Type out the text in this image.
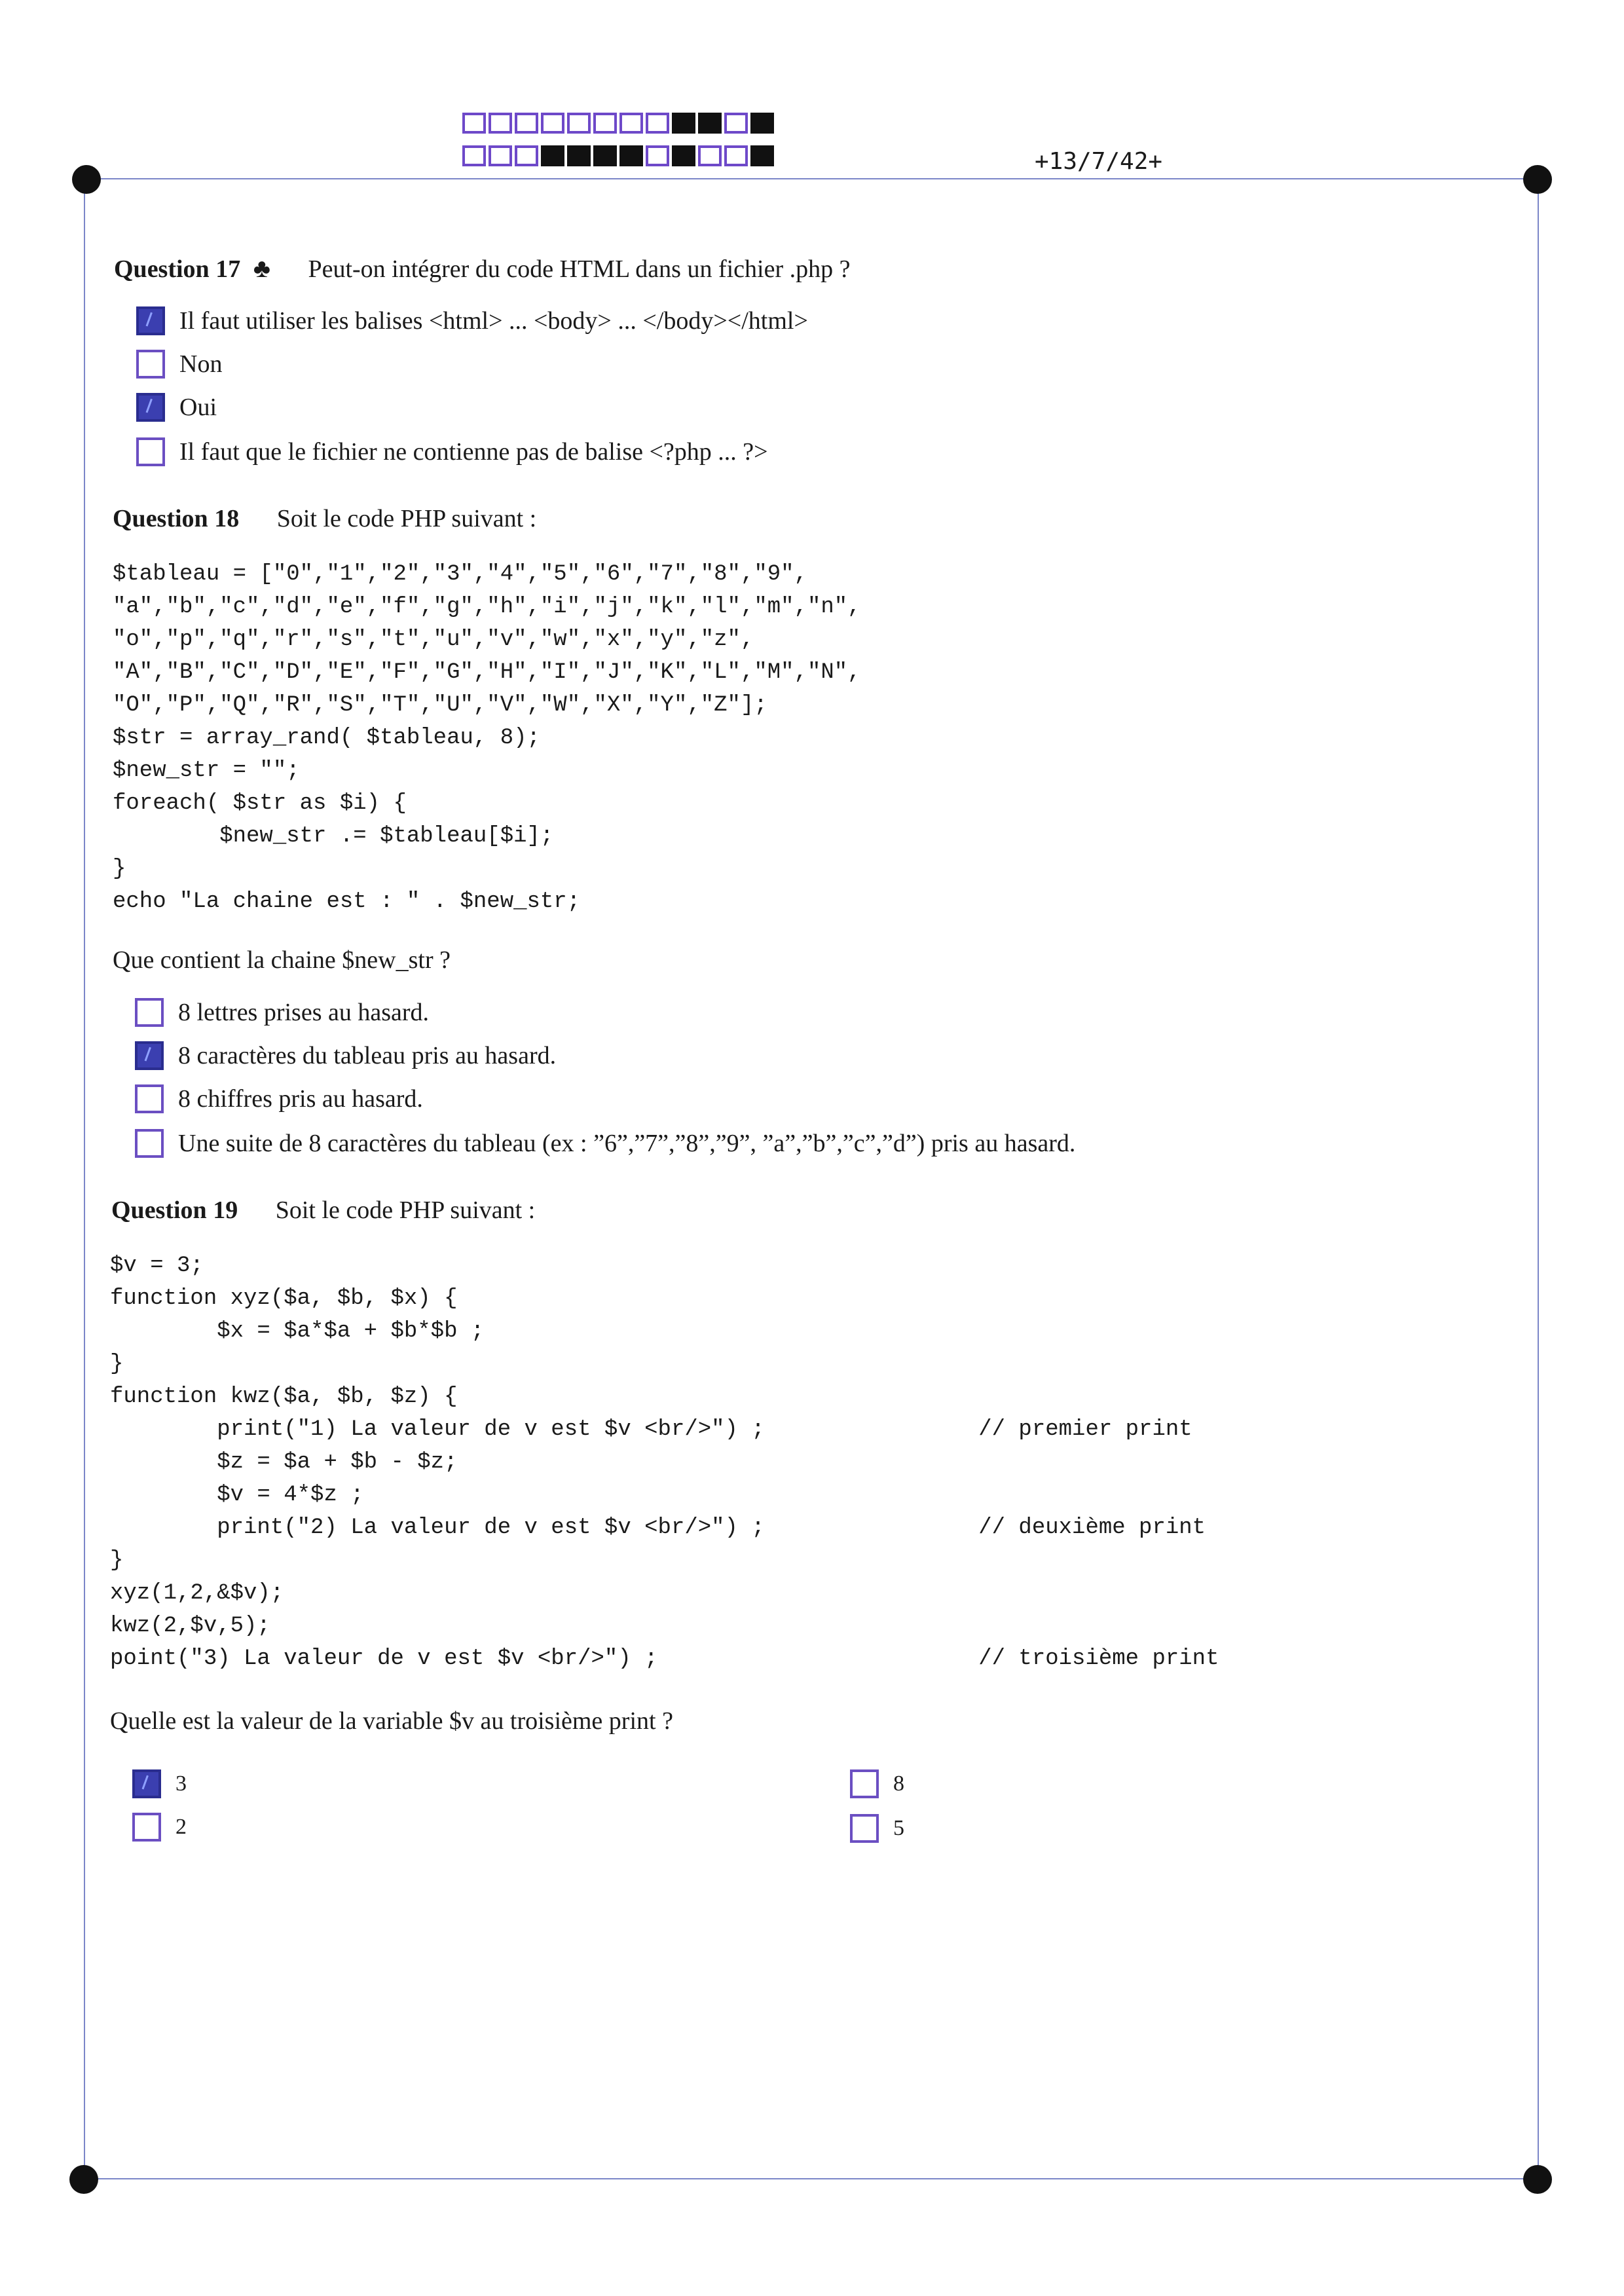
+13/7/42+
Question 17 ♣ Peut-on intégrer du code HTML dans un fichier .php ?
Il faut utiliser les balises <html> ... <body> ... </body></html>
Non
Oui
Il faut que le fichier ne contienne pas de balise <?php ... ?>
Question 18 Soit le code PHP suivant :
$tableau = ["0","1","2","3","4","5","6","7","8","9",
"a","b","c","d","e","f","g","h","i","j","k","l","m","n",
"o","p","q","r","s","t","u","v","w","x","y","z",
"A","B","C","D","E","F","G","H","I","J","K","L","M","N",
"O","P","Q","R","S","T","U","V","W","X","Y","Z"];
$str = array_rand( $tableau, 8);
$new_str = "";
foreach( $str as $i) {
$new_str .= $tableau[$i];
}
echo "La chaine est : " . $new_str;
Que contient la chaine $new_str ?
8 lettres prises au hasard.
8 caractères du tableau pris au hasard.
8 chiffres pris au hasard.
Une suite de 8 caractères du tableau (ex : ”6”,”7”,”8”,”9”, ”a”,”b”,”c”,”d”) pris au hasard.
Question 19 Soit le code PHP suivant :
$v = 3;
function xyz($a, $b, $x) {
$x = $a*$a + $b*$b ;
}
function kwz($a, $b, $z) {
print("1) La valeur de v est $v <br/>") ;                // premier print
$z = $a + $b - $z;
$v = 4*$z ;
print("2) La valeur de v est $v <br/>") ;                // deuxième print
}
xyz(1,2,&$v);
kwz(2,$v,5);
point("3) La valeur de v est $v <br/>") ;                        // troisième print
Quelle est la valeur de la variable $v au troisième print ?
3
2
8
5
